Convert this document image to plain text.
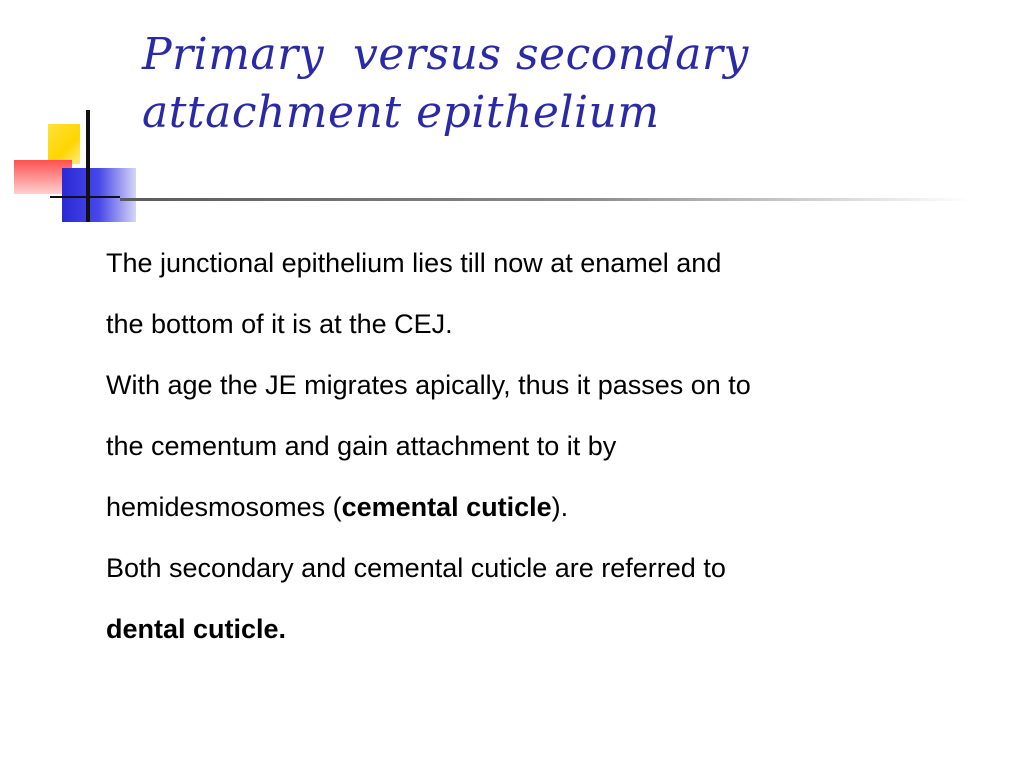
Primary  versus secondary
attachment epithelium
The junctional epithelium lies till now at enamel and
the bottom of it is at the CEJ.
With age the JE migrates apically, thus it passes on to
the cementum and gain attachment to it by
hemidesmosomes (cemental cuticle).
Both secondary and cemental cuticle are referred to
dental cuticle.
